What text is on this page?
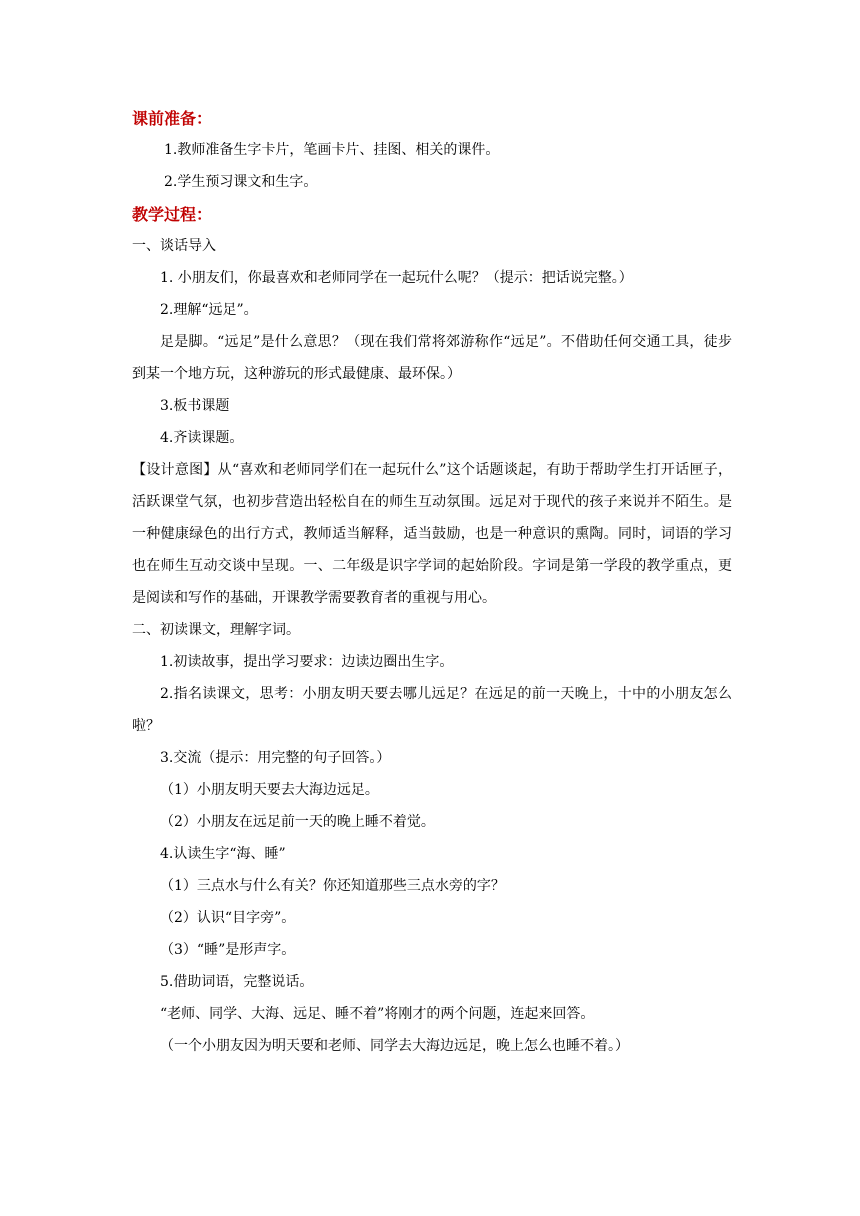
课前准备：
1.教师准备生字卡片，笔画卡片、挂图、相关的课件。
2.学生预习课文和生字。
教学过程：
一、谈话导入
1. 小朋友们，你最喜欢和老师同学在一起玩什么呢？（提示：把话说完整。）
2.理解“远足”。
足是脚。“远足”是什么意思？（现在我们常将郊游称作“远足”。不借助任何交通工具，徒步到某一个地方玩，这种游玩的形式最健康、最环保。）
3.板书课题
4.齐读课题。
【设计意图】从“喜欢和老师同学们在一起玩什么”这个话题谈起，有助于帮助学生打开话匣子，活跃课堂气氛，也初步营造出轻松自在的师生互动氛围。远足对于现代的孩子来说并不陌生。是一种健康绿色的出行方式，教师适当解释，适当鼓励，也是一种意识的熏陶。同时，词语的学习也在师生互动交谈中呈现。一、二年级是识字学词的起始阶段。字词是第一学段的教学重点，更是阅读和写作的基础，开课教学需要教育者的重视与用心。
二、初读课文，理解字词。
1.初读故事，提出学习要求：边读边圈出生字。
2.指名读课文，思考：小朋友明天要去哪儿远足？在远足的前一天晚上，十中的小朋友怎么啦？
3.交流（提示：用完整的句子回答。）
（1）小朋友明天要去大海边远足。
（2）小朋友在远足前一天的晚上睡不着觉。
4.认读生字“海、睡”
（1）三点水与什么有关？你还知道那些三点水旁的字？
（2）认识“目字旁”。
（3）“睡”是形声字。
5.借助词语，完整说话。
“老师、同学、大海、远足、睡不着”将刚才的两个问题，连起来回答。
（一个小朋友因为明天要和老师、同学去大海边远足，晚上怎么也睡不着。）
